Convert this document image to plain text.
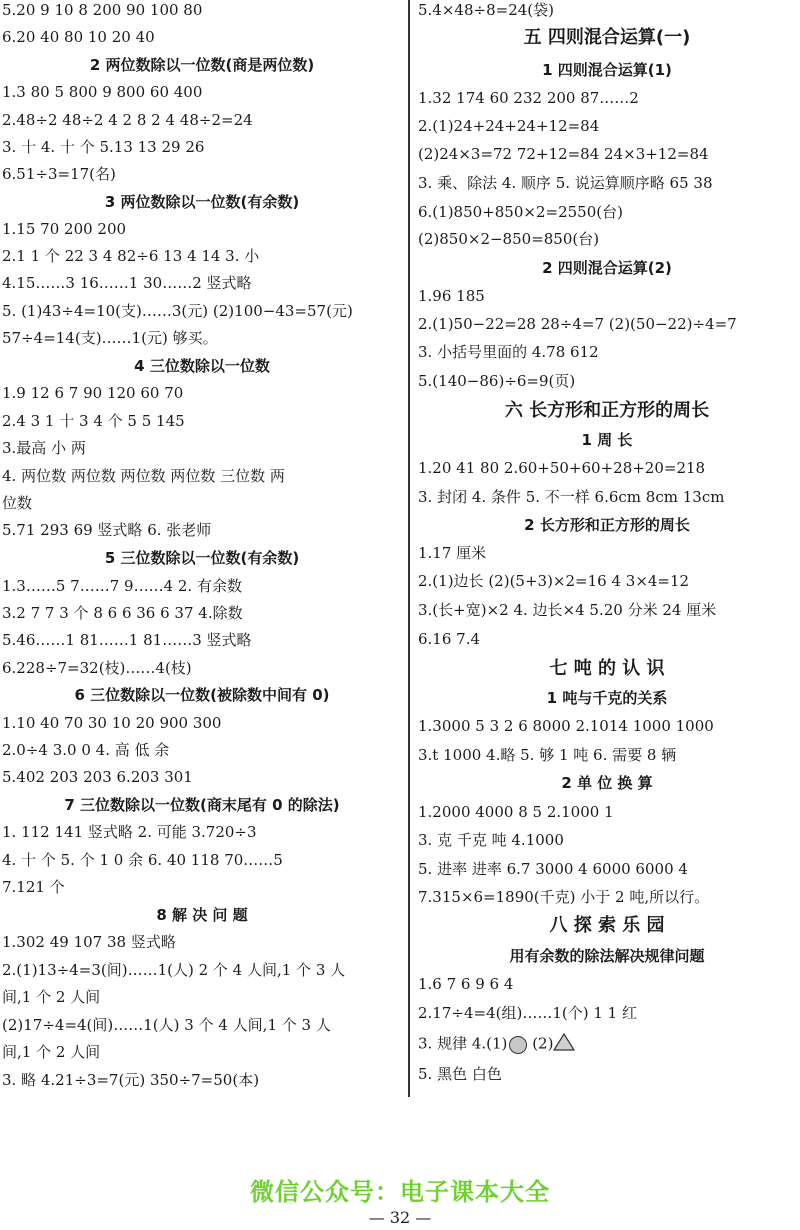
5.20 9 10 8 200 90 100 80
6.20 40 80 10 20 40
2 两位数除以一位数(商是两位数)
1.3 80 5 800 9 800 60 400
2.48÷2 48÷2 4 2 8 2 4 48÷2=24
3. 十 4. 十 个 5.13 13 29 26
6.51÷3=17(名)
3 两位数除以一位数(有余数)
1.15 70 200 200
2.1 1 个 22 3 4 82÷6 13 4 14 3. 小
4.15……3 16……1 30……2 竖式略
5. (1)43÷4=10(支)……3(元) (2)100−43=57(元)
57÷4=14(支)……1(元) 够买。
4 三位数除以一位数
1.9 12 6 7 90 120 60 70
2.4 3 1 十 3 4 个 5 5 145
3.最高 小 两
4. 两位数 两位数 两位数 两位数 三位数 两
位数
5.71 293 69 竖式略 6. 张老师
5 三位数除以一位数(有余数)
1.3……5 7……7 9……4 2. 有余数
3.2 7 7 3 个 8 6 6 36 6 37 4.除数
5.46……1 81……1 81……3 竖式略
6.228÷7=32(枝)……4(枝)
6 三位数除以一位数(被除数中间有 0)
1.10 40 70 30 10 20 900 300
2.0÷4 3.0 0 4. 高 低 余
5.402 203 203 6.203 301
7 三位数除以一位数(商末尾有 0 的除法)
1. 112 141 竖式略 2. 可能 3.720÷3
4. 十 个 5. 个 1 0 余 6. 40 118 70……5
7.121 个
8 解 决 问 题
1.302 49 107 38 竖式略
2.(1)13÷4=3(间)……1(人) 2 个 4 人间,1 个 3 人
间,1 个 2 人间
(2)17÷4=4(间)……1(人) 3 个 4 人间,1 个 3 人
间,1 个 2 人间
3. 略 4.21÷3=7(元) 350÷7=50(本)
5.4×48÷8=24(袋)
五 四则混合运算(一)
1 四则混合运算(1)
1.32 174 60 232 200 87……2
2.(1)24+24+24+12=84
(2)24×3=72 72+12=84 24×3+12=84
3. 乘、除法 4. 顺序 5. 说运算顺序略 65 38
6.(1)850+850×2=2550(台)
(2)850×2−850=850(台)
2 四则混合运算(2)
1.96 185
2.(1)50−22=28 28÷4=7 (2)(50−22)÷4=7
3. 小括号里面的 4.78 612
5.(140−86)÷6=9(页)
六 长方形和正方形的周长
1 周 长
1.20 41 80 2.60+50+60+28+20=218
3. 封闭 4. 条件 5. 不一样 6.6cm 8cm 13cm
2 长方形和正方形的周长
1.17 厘米
2.(1)边长 (2)(5+3)×2=16 4 3×4=12
3.(长+宽)×2 4. 边长×4 5.20 分米 24 厘米
6.16 7.4
七 吨 的 认 识
1 吨与千克的关系
1.3000 5 3 2 6 8000 2.1014 1000 1000
3.t 1000 4.略 5. 够 1 吨 6. 需要 8 辆
2 单 位 换 算
1.2000 4000 8 5 2.1000 1
3. 克 千克 吨 4.1000
5. 进率 进率 6.7 3000 4 6000 6000 4
7.315×6=1890(千克) 小于 2 吨,所以行。
八 探 索 乐 园
用有余数的除法解决规律问题
1.6 7 6 9 6 4
2.17÷4=4(组)……1(个) 1 1 红
3. 规律 4.(1) (2)
5. 黑色 白色
微信公众号：电子课本大全
— 32 —
